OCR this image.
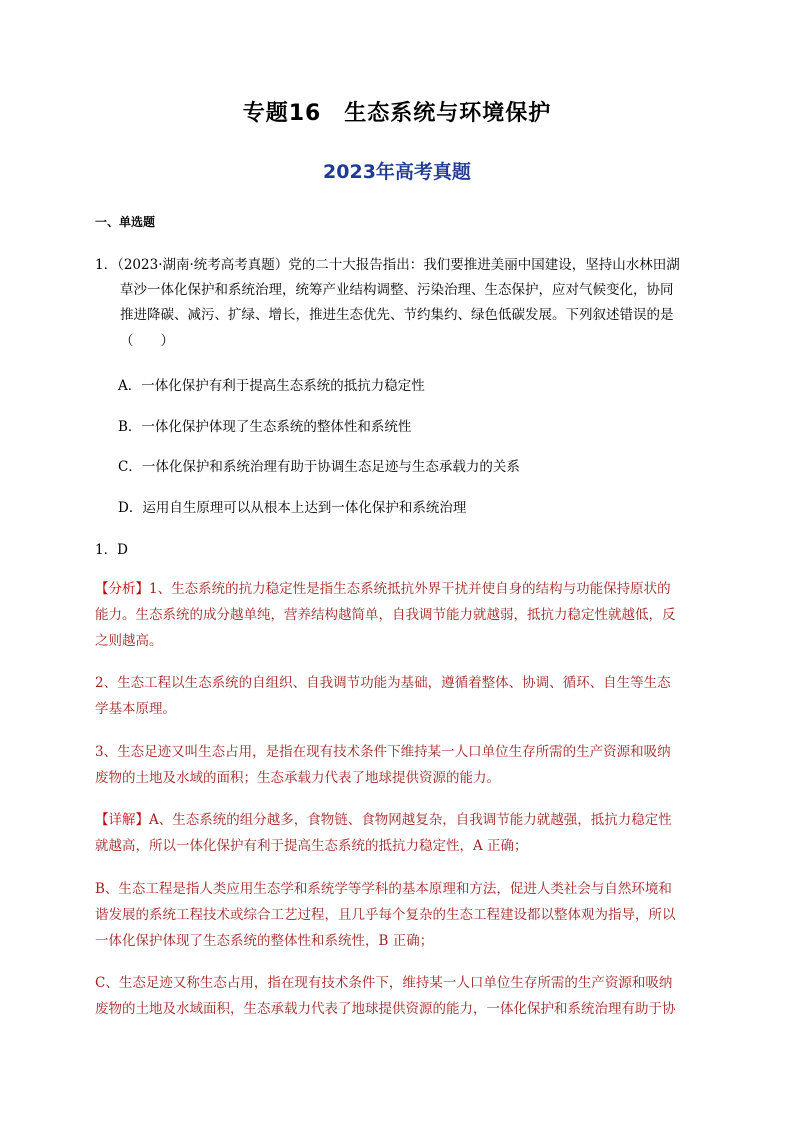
专题16　生态系统与环境保护
2023年高考真题
一、单选题
1．（2023·湖南·统考高考真题）党的二十大报告指出：我们要推进美丽中国建设，坚持山水林田湖
草沙一体化保护和系统治理，统筹产业结构调整、污染治理、生态保护，应对气候变化，协同
推进降碳、减污、扩绿、增长，推进生态优先、节约集约、绿色低碳发展。下列叙述错误的是
（　　）
A．一体化保护有利于提高生态系统的抵抗力稳定性
B．一体化保护体现了生态系统的整体性和系统性
C．一体化保护和系统治理有助于协调生态足迹与生态承载力的关系
D．运用自生原理可以从根本上达到一体化保护和系统治理
1．D
【分析】1、生态系统的抗力稳定性是指生态系统抵抗外界干扰并使自身的结构与功能保持原状的
能力。生态系统的成分越单纯，营养结构越简单，自我调节能力就越弱，抵抗力稳定性就越低，反
之则越高。
2、生态工程以生态系统的自组织、自我调节功能为基础，遵循着整体、协调、循环、自生等生态
学基本原理。
3、生态足迹又叫生态占用，是指在现有技术条件下维持某一人口单位生存所需的生产资源和吸纳
废物的土地及水域的面积；生态承载力代表了地球提供资源的能力。
【详解】A、生态系统的组分越多，食物链、食物网越复杂，自我调节能力就越强，抵抗力稳定性
就越高，所以一体化保护有利于提高生态系统的抵抗力稳定性，A 正确；
B、生态工程是指人类应用生态学和系统学等学科的基本原理和方法，促进人类社会与自然环境和
谐发展的系统工程技术或综合工艺过程，且几乎每个复杂的生态工程建设都以整体观为指导，所以
一体化保护体现了生态系统的整体性和系统性，B 正确；
C、生态足迹又称生态占用，指在现有技术条件下，维持某一人口单位生存所需的生产资源和吸纳
废物的土地及水域面积，生态承载力代表了地球提供资源的能力，一体化保护和系统治理有助于协
